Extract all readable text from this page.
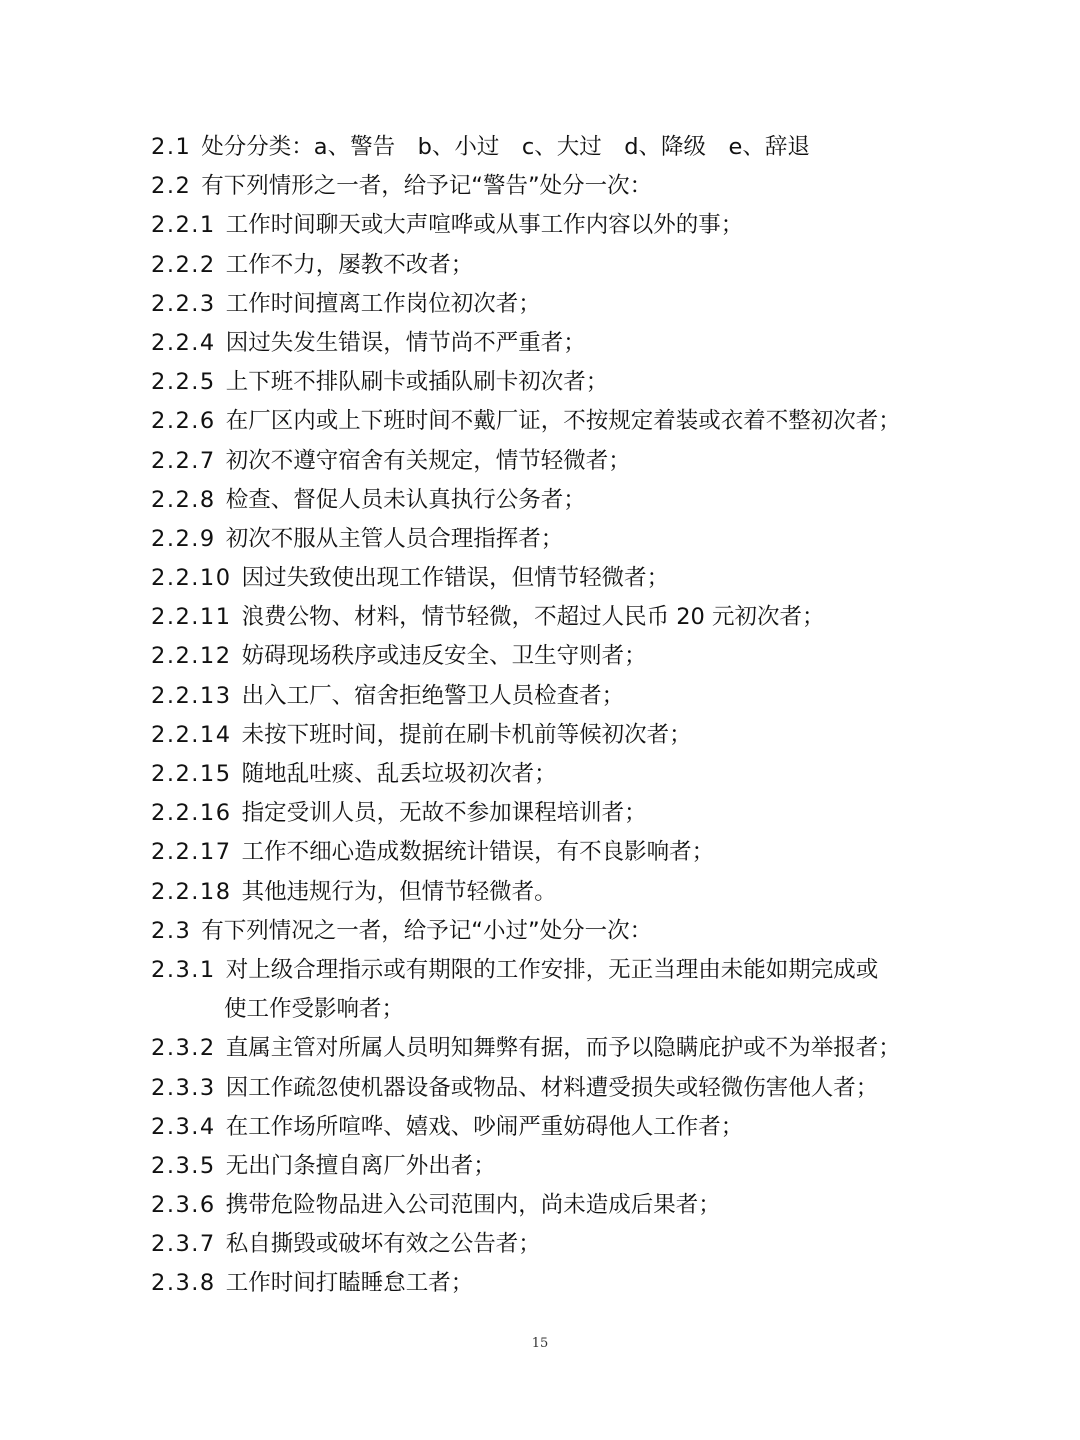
2.1 处分分类：a、警告　b、小过　c、大过　d、降级　e、辞退
2.2 有下列情形之一者，给予记“警告”处分一次：
2.2.1 工作时间聊天或大声喧哗或从事工作内容以外的事；
2.2.2 工作不力，屡教不改者；
2.2.3 工作时间擅离工作岗位初次者；
2.2.4 因过失发生错误，情节尚不严重者；
2.2.5 上下班不排队刷卡或插队刷卡初次者；
2.2.6 在厂区内或上下班时间不戴厂证，不按规定着装或衣着不整初次者；
2.2.7 初次不遵守宿舍有关规定，情节轻微者；
2.2.8 检查、督促人员未认真执行公务者；
2.2.9 初次不服从主管人员合理指挥者；
2.2.10 因过失致使出现工作错误，但情节轻微者；
2.2.11 浪费公物、材料，情节轻微，不超过人民币 20 元初次者；
2.2.12 妨碍现场秩序或违反安全、卫生守则者；
2.2.13 出入工厂、宿舍拒绝警卫人员检查者；
2.2.14 未按下班时间，提前在刷卡机前等候初次者；
2.2.15 随地乱吐痰、乱丢垃圾初次者；
2.2.16 指定受训人员，无故不参加课程培训者；
2.2.17 工作不细心造成数据统计错误，有不良影响者；
2.2.18 其他违规行为，但情节轻微者。
2.3 有下列情况之一者，给予记“小过”处分一次：
2.3.1 对上级合理指示或有期限的工作安排，无正当理由未能如期完成或
使工作受影响者；
2.3.2 直属主管对所属人员明知舞弊有据，而予以隐瞒庇护或不为举报者；
2.3.3 因工作疏忽使机器设备或物品、材料遭受损失或轻微伤害他人者；
2.3.4 在工作场所喧哗、嬉戏、吵闹严重妨碍他人工作者；
2.3.5 无出门条擅自离厂外出者；
2.3.6 携带危险物品进入公司范围内，尚未造成后果者；
2.3.7 私自撕毁或破坏有效之公告者；
2.3.8 工作时间打瞌睡怠工者；
15
